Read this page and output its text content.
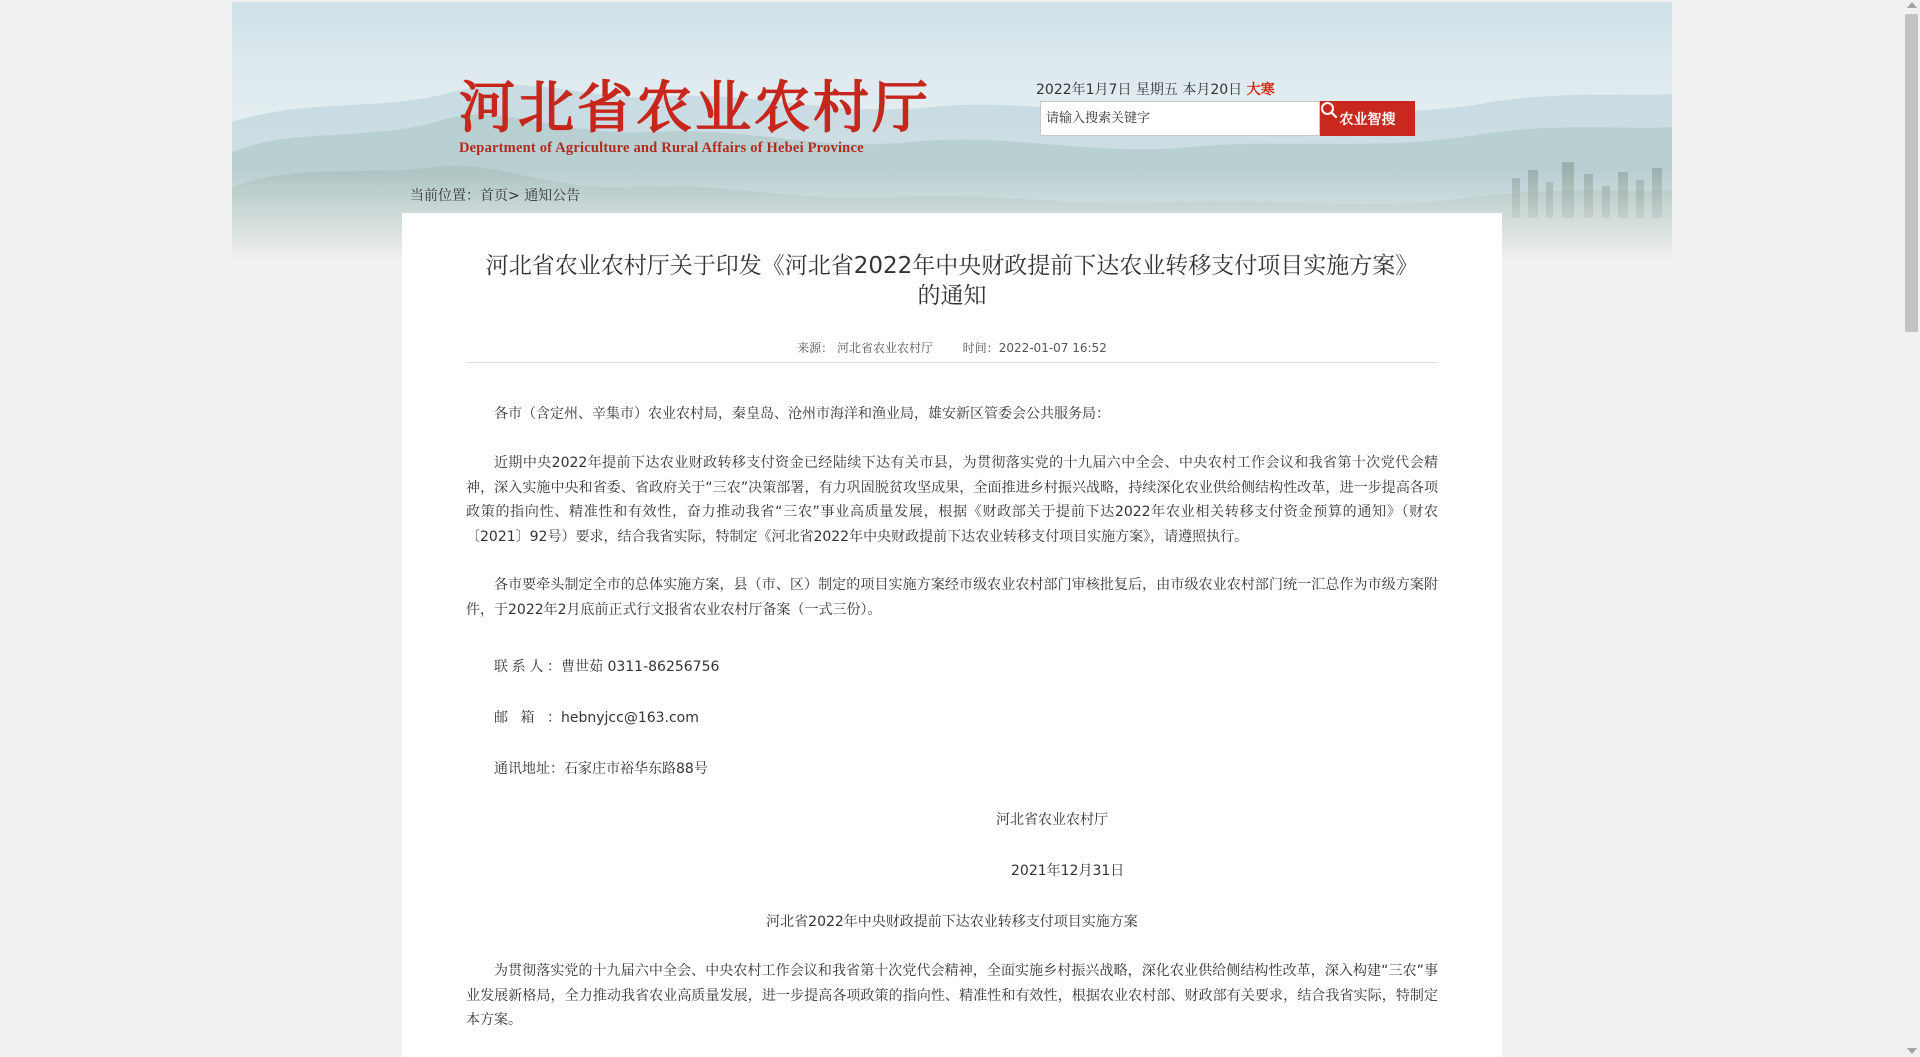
河北省农业农村厅
Department of Agriculture and Rural Affairs of Hebei Province
2022年1月7日 星期五 本月20日 大寒
请输入搜索关键字
农业智搜
当前位置：首页> 通知公告
河北省农业农村厅关于印发《河北省2022年中央财政提前下达农业转移支付项目实施方案》
的通知
来源： 河北省农业农村厅 时间：2022-01-07 16:52
各市（含定州、辛集市）农业农村局，秦皇岛、沧州市海洋和渔业局，雄安新区管委会公共服务局：
近期中央2022年提前下达农业财政转移支付资金已经陆续下达有关市县，为贯彻落实党的十九届六中全会、中央农村工作会议和我省第十次党代会精神，深入实施中央和省委、省政府关于“三农”决策部署，有力巩固脱贫攻坚成果，全面推进乡村振兴战略，持续深化农业供给侧结构性改革，进一步提高各项政策的指向性、精准性和有效性，奋力推动我省“三农”事业高质量发展，根据《财政部关于提前下达2022年农业相关转移支付资金预算的通知》（财农〔2021〕92号）要求，结合我省实际，特制定《河北省2022年中央财政提前下达农业转移支付项目实施方案》，请遵照执行。
各市要牵头制定全市的总体实施方案，县（市、区）制定的项目实施方案经市级农业农村部门审核批复后，由市级农业农村部门统一汇总作为市级方案附件，于2022年2月底前正式行文报省农业农村厅备案（一式三份）。
联系人：曹世茹 0311-86256756
邮箱：hebnyjcc@163.com
通讯地址：石家庄市裕华东路88号
河北省农业农村厅
2021年12月31日
河北省2022年中央财政提前下达农业转移支付项目实施方案
为贯彻落实党的十九届六中全会、中央农村工作会议和我省第十次党代会精神，全面实施乡村振兴战略，深化农业供给侧结构性改革，深入构建“三农”事业发展新格局，全力推动我省农业高质量发展，进一步提高各项政策的指向性、精准性和有效性，根据农业农村部、财政部有关要求，结合我省实际，特制定本方案。
